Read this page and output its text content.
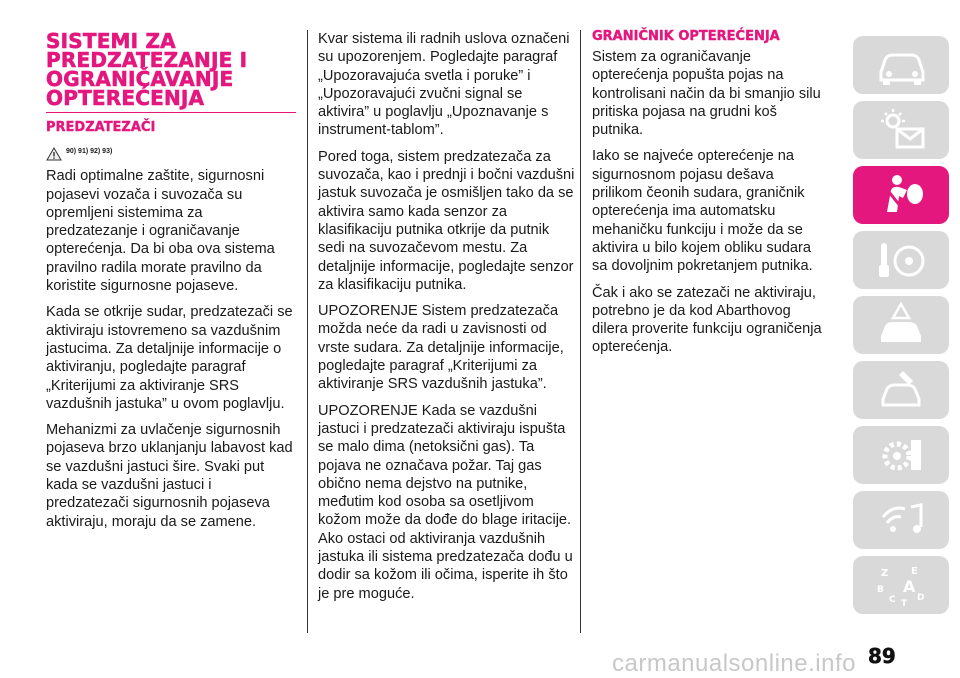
SISTEMI ZA PREDZATEZANJE I OGRANIČAVANJE OPTEREĆENJA
PREDZATEZAČI
90) 91) 92) 93)

Radi optimalne zaštite, sigurnosni pojasevi vozača i suvozača su opremljeni sistemima za predzatezanje i ograničavanje opterećenja. Da bi oba ova sistema pravilno radila morate pravilno da koristite sigurnosne pojaseve.

Kada se otkrije sudar, predzatezači se aktiviraju istovremeno sa vazdušnim jastucima. Za detaljnije informacije o aktiviranju, pogledajte paragraf „Kriterijumi za aktiviranje SRS vazdušnih jastuka” u ovom poglavlju.

Mehanizmi za uvlačenje sigurnosnih pojaseva brzo uklanjanju labavost kad se vazdušni jastuci šire. Svaki put kada se vazdušni jastuci i predzatezači sigurnosnih pojaseva aktiviraju, moraju da se zamene.

Kvar sistema ili radnih uslova označeni su upozorenjem. Pogledajte paragraf „Upozoravajuća svetla i poruke” i „Upozoravajući zvučni signal se aktivira” u poglavlju „Upoznavanje s instrument-tablom”.

Pored toga, sistem predzatezača za suvozača, kao i prednji i bočni vazdušni jastuk suvozača je osmišljen tako da se aktivira samo kada senzor za klasifikaciju putnika otkrije da putnik sedi na suvozačevom mestu. Za detaljnije informacije, pogledajte senzor za klasifikaciju putnika.

UPOZORENJE Sistem predzatezača možda neće da radi u zavisnosti od vrste sudara. Za detaljnije informacije, pogledajte paragraf „Kriterijumi za aktiviranje SRS vazdušnih jastuka”.

UPOZORENJE Kada se vazdušni jastuci i predzatezači aktiviraju ispušta se malo dima (netoksični gas). Ta pojava ne označava požar. Taj gas obično nema dejstvo na putnike, međutim kod osoba sa osetljivom kožom može da dođe do blage iritacije. Ako ostaci od aktiviranja vazdušnih jastuka ili sistema predzatezača dođu u dodir sa kožom ili očima, isperite ih što je pre moguće.

GRANIČNIK OPTEREĆENJA

Sistem za ograničavanje opterećenja popušta pojas na kontrolisani način da bi smanjio silu pritiska pojasa na grudni koš putnika.

Iako se najveće opterećenje na sigurnosnom pojasu dešava prilikom čeonih sudara, graničnik opterećenja ima automatsku mehaničku funkciju i može da se aktivira u bilo kojem obliku sudara sa dovoljnim pokretanjem putnika.

Čak i ako se zatezači ne aktiviraju, potrebno je da kod Abarthovog dilera proverite funkciju ograničenja opterećenja.

Z E
B A
C D
T
89
carmanualsonline.info
